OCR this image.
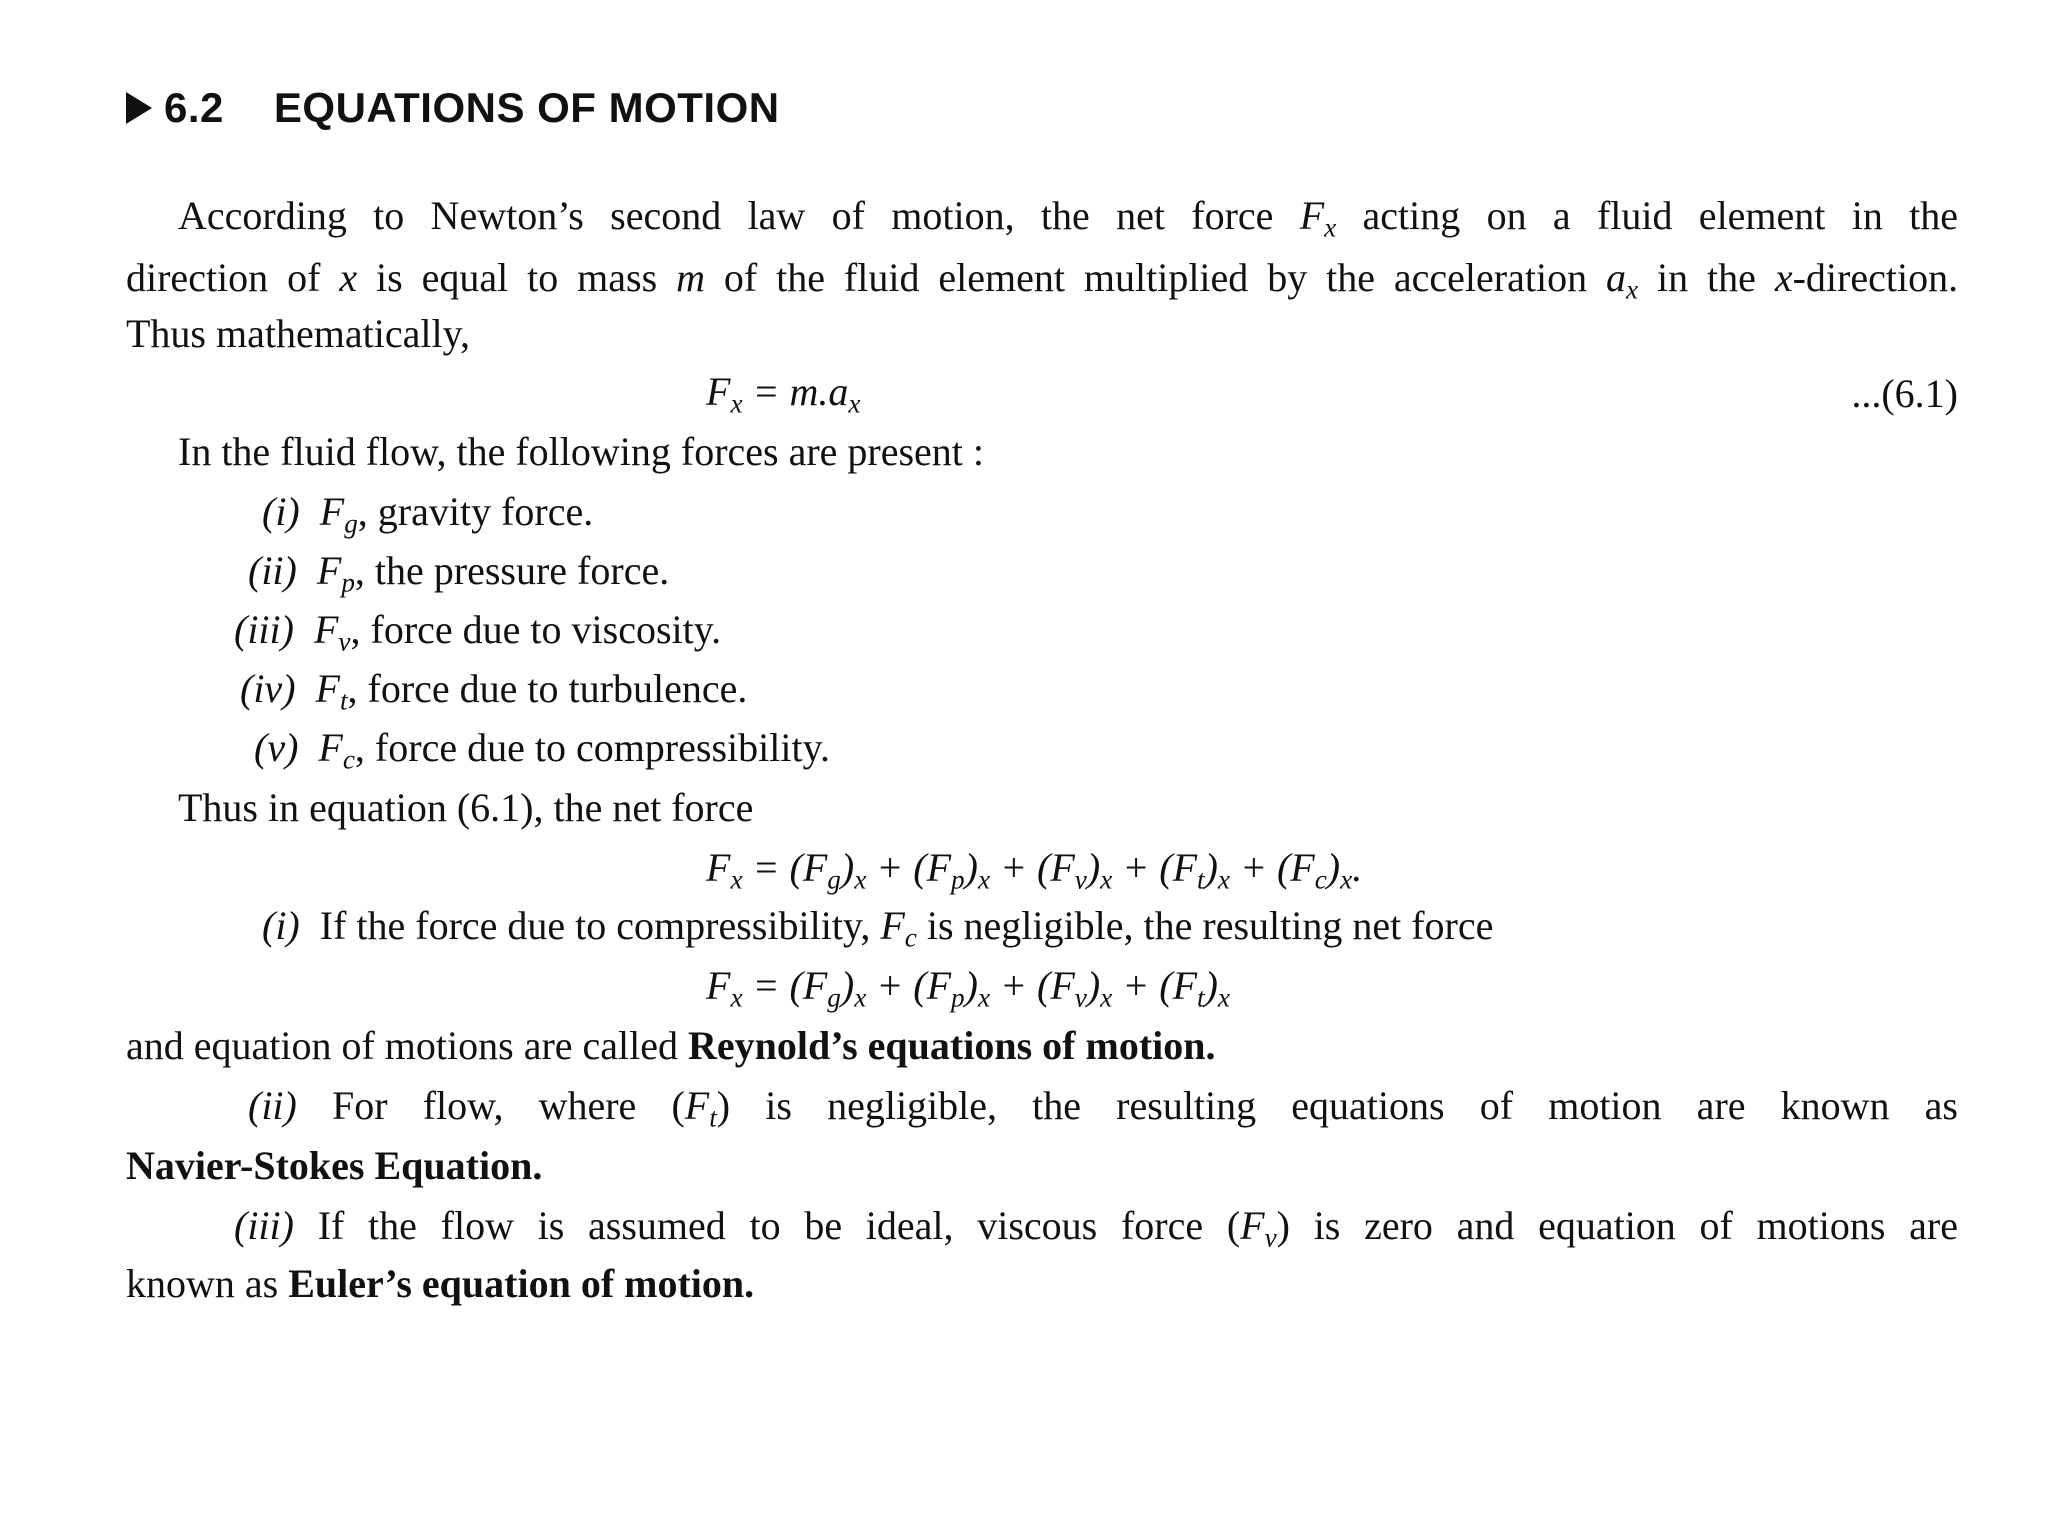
6.2 EQUATIONS OF MOTION
According to Newton’s second law of motion, the net force $F_x$ acting on a fluid element in the
direction of x is equal to mass m of the fluid element multiplied by the acceleration $a_x$ in the x-direction.
Thus mathematically,
$F_x = m.a_x$	...(6.1)
In the fluid flow, the following forces are present :
(i) $F_g$, gravity force.
(ii) $F_p$, the pressure force.
(iii) $F_v$, force due to viscosity.
(iv) $F_t$, force due to turbulence.
(v) $F_c$, force due to compressibility.
Thus in equation (6.1), the net force
$F_x = (F_g)_x + (F_p)_x + (F_v)_x + (F_t)_x + (F_c)_x$.
(i) If the force due to compressibility, $F_c$ is negligible, the resulting net force
$F_x = (F_g)_x + (F_p)_x + (F_v)_x + (F_t)_x$
and equation of motions are called Reynold’s equations of motion.
(ii) For flow, where $(F_t)$ is negligible, the resulting equations of motion are known as
Navier-Stokes Equation.
(iii) If the flow is assumed to be ideal, viscous force $(F_v)$ is zero and equation of motions are
known as Euler’s equation of motion.
